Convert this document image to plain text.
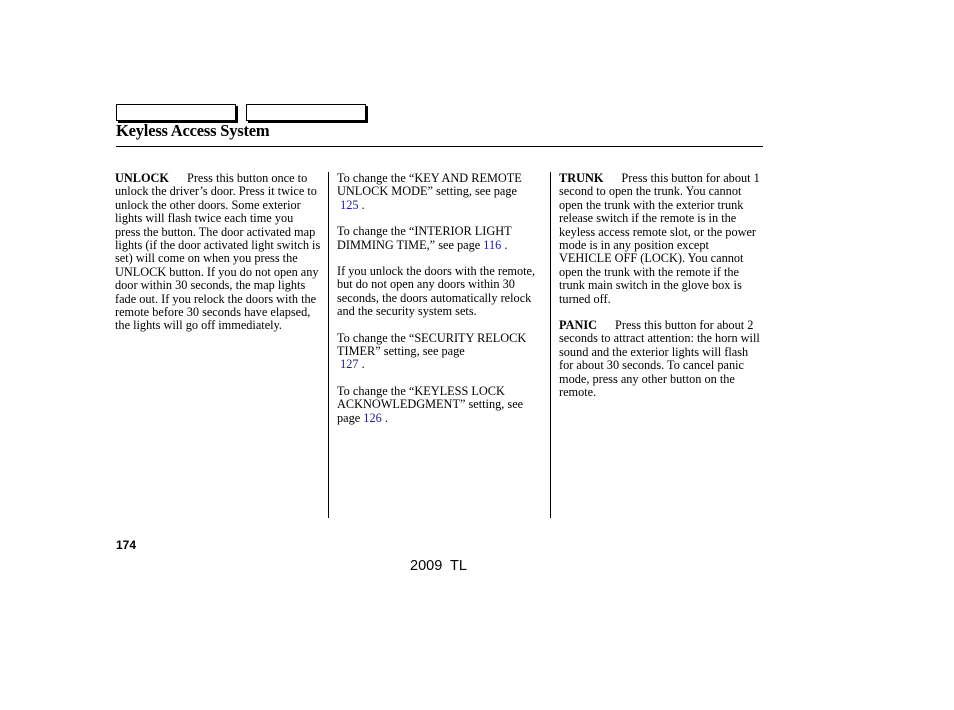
Keyless Access System

UNLOCK Press this button once to unlock the driver’s door. Press it twice to unlock the other doors. Some exterior lights will flash twice each time you press the button. The door activated map lights (if the door activated light switch is set) will come on when you press the UNLOCK button. If you do not open any door within 30 seconds, the map lights fade out. If you relock the doors with the remote before 30 seconds have elapsed, the lights will go off immediately.

To change the “KEY AND REMOTE UNLOCK MODE” setting, see page
125 .

To change the “INTERIOR LIGHT DIMMING TIME,” see page 116 .

If you unlock the doors with the remote, but do not open any doors within 30 seconds, the doors automatically relock and the security system sets.

To change the “SECURITY RELOCK TIMER” setting, see page
127 .

To change the “KEYLESS LOCK ACKNOWLEDGMENT” setting, see page 126 .

TRUNK Press this button for about 1 second to open the trunk. You cannot open the trunk with the exterior trunk release switch if the remote is in the keyless access remote slot, or the power mode is in any position except VEHICLE OFF (LOCK). You cannot open the trunk with the remote if the trunk main switch in the glove box is turned off.

PANIC Press this button for about 2 seconds to attract attention: the horn will sound and the exterior lights will flash for about 30 seconds. To cancel panic mode, press any other button on the remote.

174
2009  TL
